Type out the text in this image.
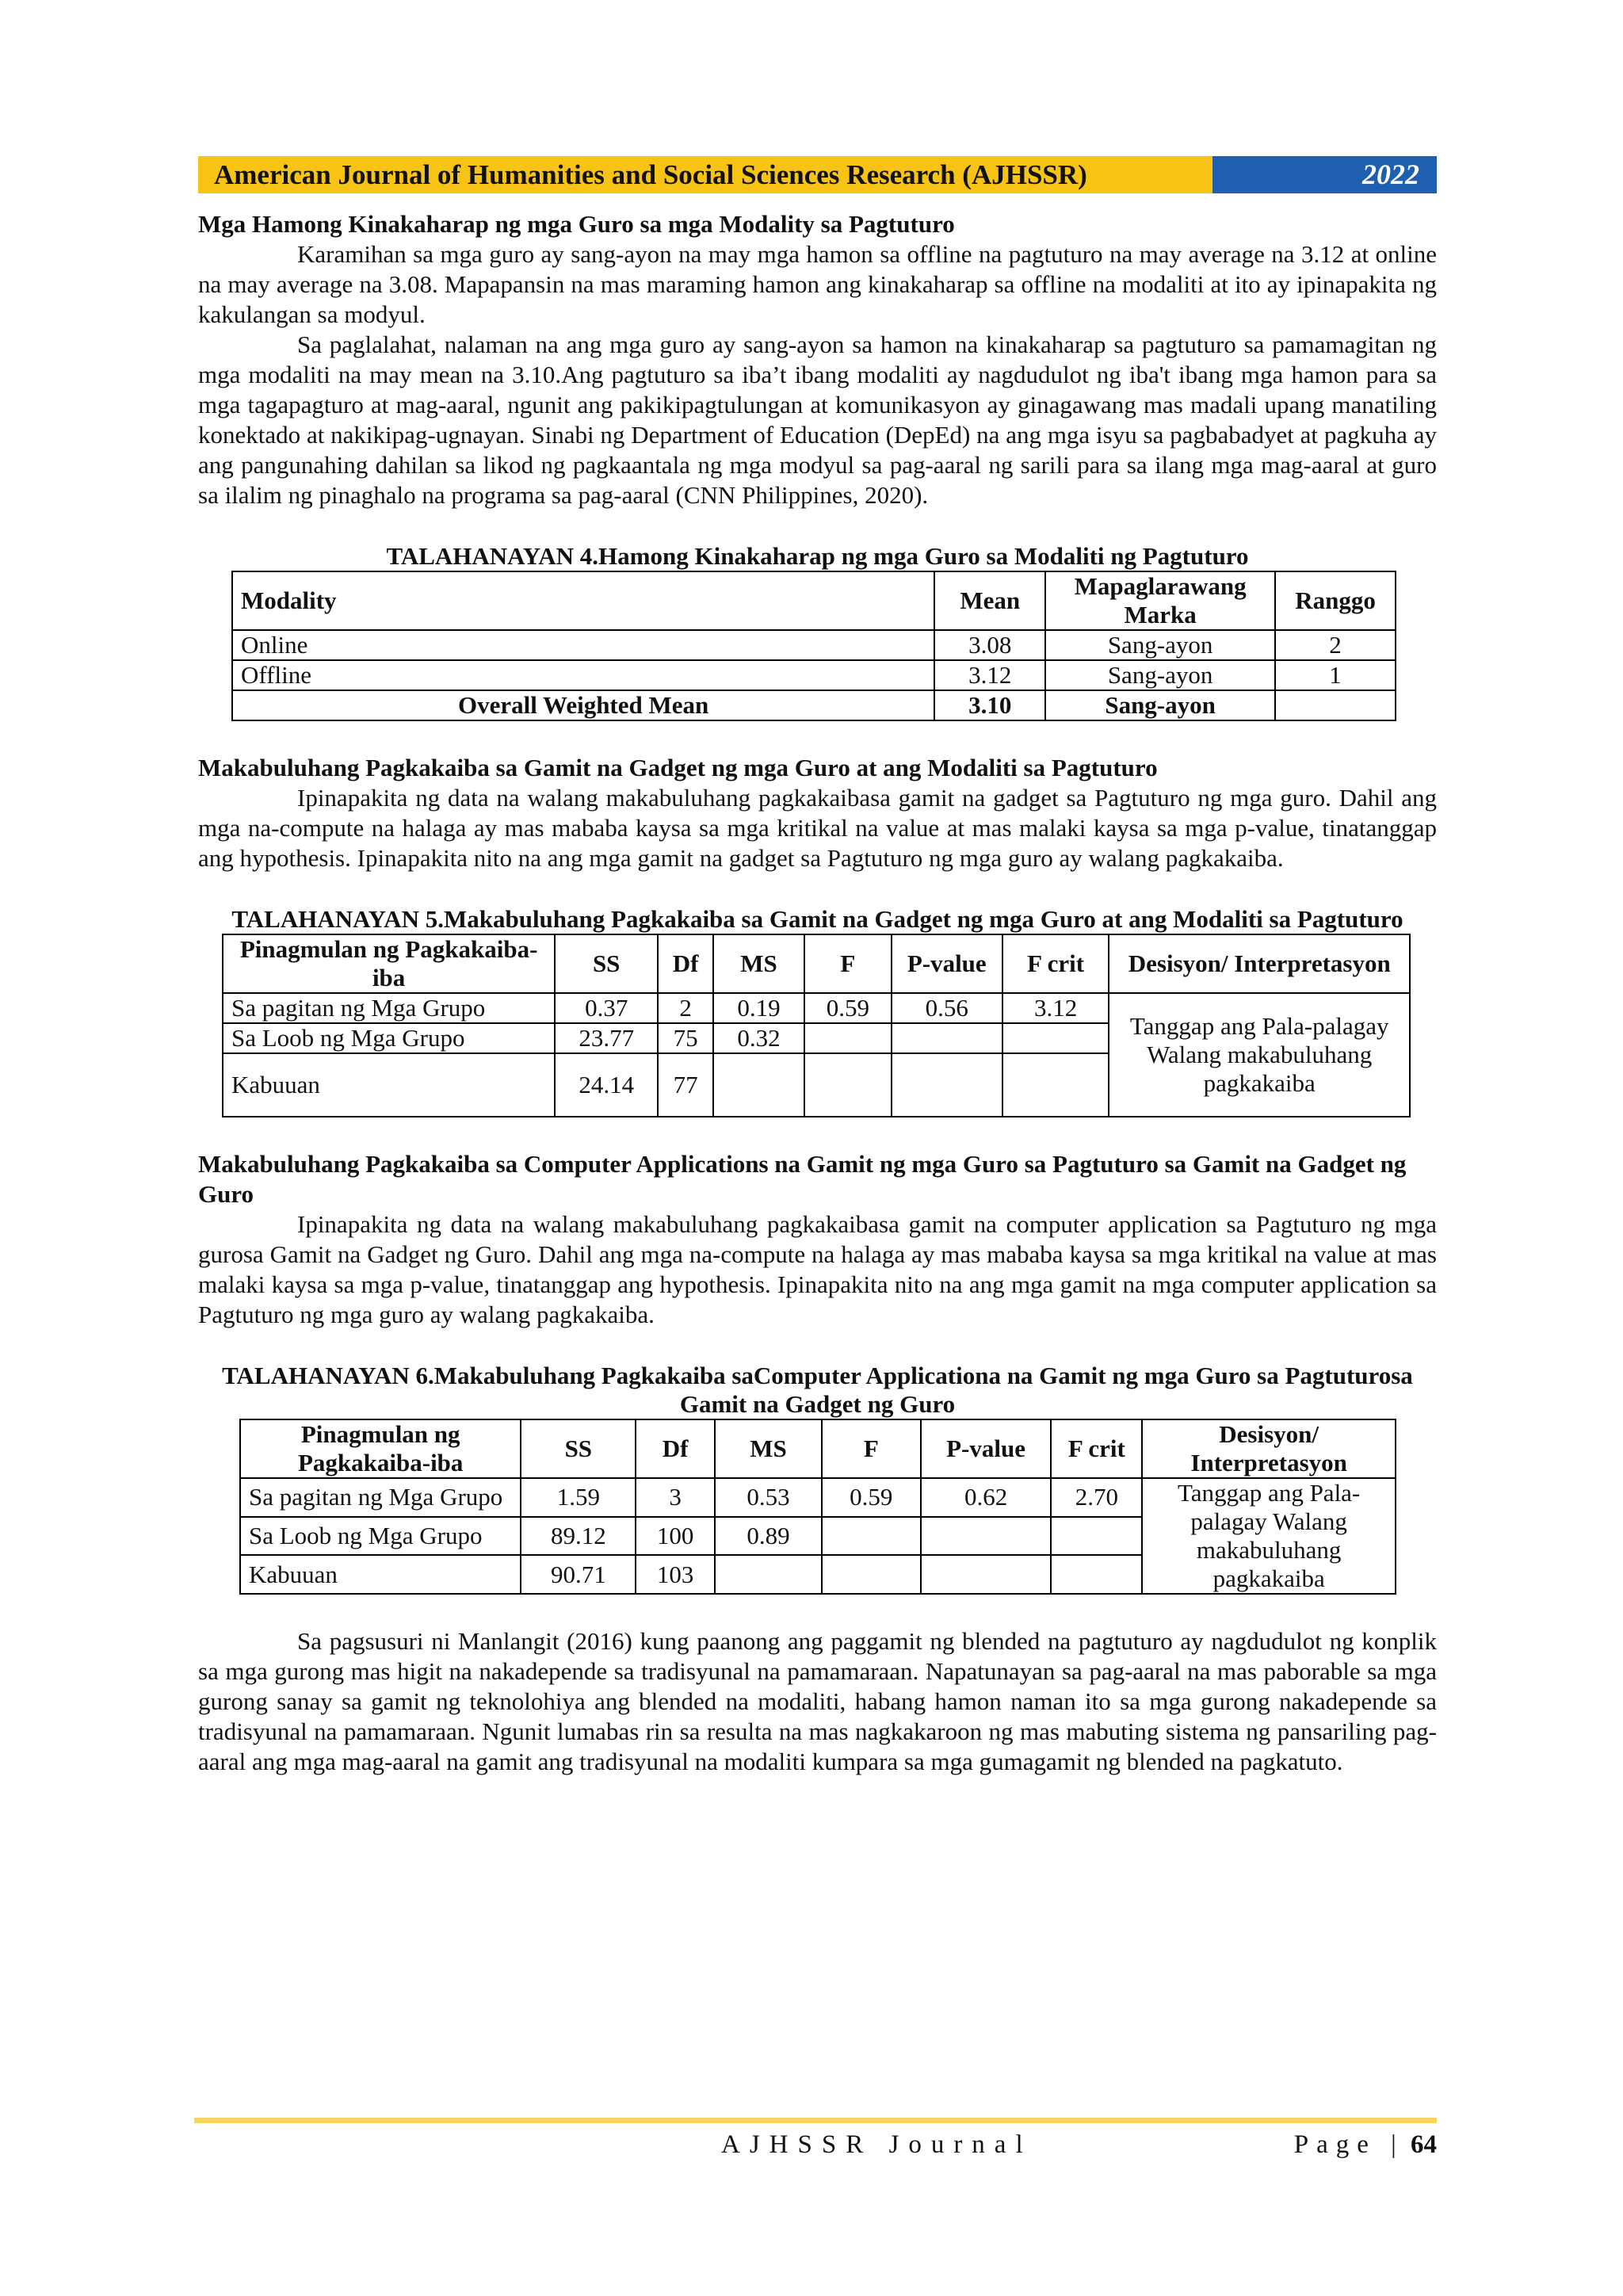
American Journal of Humanities and Social Sciences Research (AJHSSR)	2022
Mga Hamong Kinakaharap ng mga Guro sa mga Modality sa Pagtuturo

Karamihan sa mga guro ay sang-ayon na may mga hamon sa offline na pagtuturo na may average na 3.12 at online na may average na 3.08. Mapapansin na mas maraming hamon ang kinakaharap sa offline na modaliti at ito ay ipinapakita ng kakulangan sa modyul.

Sa paglalahat, nalaman na ang mga guro ay sang-ayon sa hamon na kinakaharap sa pagtuturo sa pamamagitan ng mga modaliti na may mean na 3.10.Ang pagtuturo sa iba’t ibang modaliti ay nagdudulot ng iba't ibang mga hamon para sa mga tagapagturo at mag-aaral, ngunit ang pakikipagtulungan at komunikasyon ay ginagawang mas madali upang manatiling konektado at nakikipag-ugnayan. Sinabi ng Department of Education (DepEd) na ang mga isyu sa pagbabadyet at pagkuha ay ang pangunahing dahilan sa likod ng pagkaantala ng mga modyul sa pag-aaral ng sarili para sa ilang mga mag-aaral at guro sa ilalim ng pinaghalo na programa sa pag-aaral (CNN Philippines, 2020).

TALAHANAYAN 4.Hamong Kinakaharap ng mga Guro sa Modaliti ng Pagtuturo

Modality	Mean	Mapaglarawang Marka	Ranggo
Online	3.08	Sang-ayon	2
Offline	3.12	Sang-ayon	1
Overall Weighted Mean	3.10	Sang-ayon	
Makabuluhang Pagkakaiba sa Gamit na Gadget ng mga Guro at ang Modaliti sa Pagtuturo

Ipinapakita ng data na walang makabuluhang pagkakaibasa gamit na gadget sa Pagtuturo ng mga guro. Dahil ang mga na-compute na halaga ay mas mababa kaysa sa mga kritikal na value at mas malaki kaysa sa mga p-value, tinatanggap ang hypothesis. Ipinapakita nito na ang mga gamit na gadget sa Pagtuturo ng mga guro ay walang pagkakaiba.

TALAHANAYAN 5.Makabuluhang Pagkakaiba sa Gamit na Gadget ng mga Guro at ang Modaliti sa Pagtuturo

Pinagmulan ng Pagkakaiba-iba	SS	Df	MS	F	P-value	F crit	Desisyon/ Interpretasyon
Sa pagitan ng Mga Grupo	0.37	2	0.19	0.59	0.56	3.12	Tanggap ang Pala-palagay Walang makabuluhang pagkakaiba
Sa Loob ng Mga Grupo	23.77	75	0.32				
Kabuuan	24.14	77					
Makabuluhang Pagkakaiba sa Computer Applications na Gamit ng mga Guro sa Pagtuturo sa Gamit na Gadget ng Guro

Ipinapakita ng data na walang makabuluhang pagkakaibasa gamit na computer application sa Pagtuturo ng mga gurosa Gamit na Gadget ng Guro. Dahil ang mga na-compute na halaga ay mas mababa kaysa sa mga kritikal na value at mas malaki kaysa sa mga p-value, tinatanggap ang hypothesis. Ipinapakita nito na ang mga gamit na mga computer application sa Pagtuturo ng mga guro ay walang pagkakaiba.

TALAHANAYAN 6.Makabuluhang Pagkakaiba saComputer Applicationa na Gamit ng mga Guro sa Pagtuturosa Gamit na Gadget ng Guro

Pinagmulan ng Pagkakaiba-iba	SS	Df	MS	F	P-value	F crit	Desisyon/ Interpretasyon
Sa pagitan ng Mga Grupo	1.59	3	0.53	0.59	0.62	2.70	Tanggap ang Pala-palagay Walang makabuluhang pagkakaiba
Sa Loob ng Mga Grupo	89.12	100	0.89				
Kabuuan	90.71	103					

Sa pagsusuri ni Manlangit (2016) kung paanong ang paggamit ng blended na pagtuturo ay nagdudulot ng konplik sa mga gurong mas higit na nakadepende sa tradisyunal na pamamaraan. Napatunayan sa pag-aaral na mas paborable sa mga gurong sanay sa gamit ng teknolohiya ang blended na modaliti, habang hamon naman ito sa mga gurong nakadepende sa tradisyunal na pamamaraan. Ngunit lumabas rin sa resulta na mas nagkakaroon ng mas mabuting sistema ng pansariling pag-aaral ang mga mag-aaral na gamit ang tradisyunal na modaliti kumpara sa mga gumagamit ng blended na pagkatuto.

AJHSSR Journal	Page | 64
